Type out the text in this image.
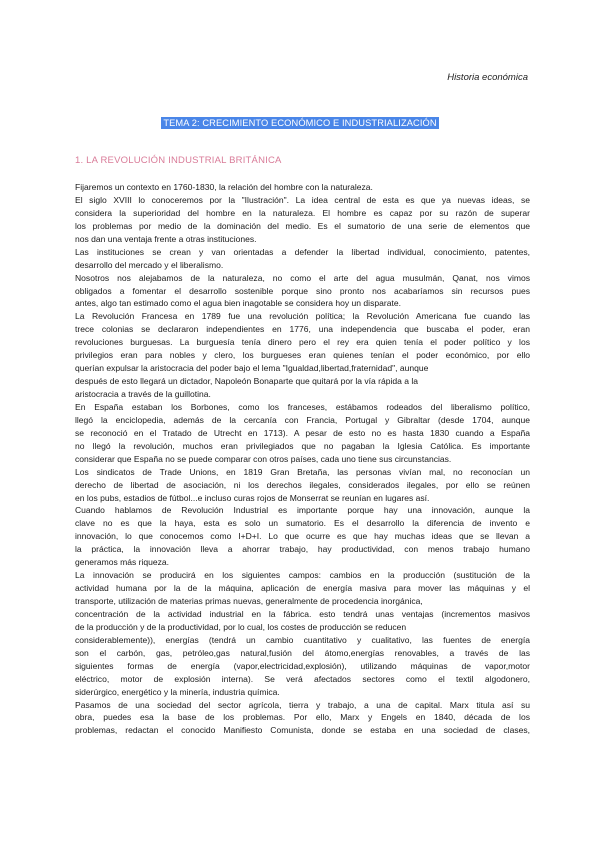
Historia económica
TEMA 2: CRECIMIENTO ECONÓMICO E INDUSTRIALIZACIÓN
1. LA REVOLUCIÓN INDUSTRIAL BRITÁNICA
Fijaremos un contexto en 1760-1830, la relación del hombre con la naturaleza.
El siglo XVIII lo conoceremos por la "Ilustración". La idea central de esta es que ya nuevas ideas, se
considera la superioridad del hombre en la naturaleza. El hombre es capaz por su razón de superar
los problemas por medio de la dominación del medio. Es el sumatorio de una serie de elementos que
nos dan una ventaja frente a otras instituciones.
Las instituciones se crean y van orientadas a defender la libertad individual, conocimiento, patentes,
desarrollo del mercado y el liberalismo.
Nosotros nos alejabamos de la naturaleza, no como el arte del agua musulmán, Qanat, nos vimos
obligados a fomentar el desarrollo sostenible porque sino pronto nos acabaríamos sin recursos pues
antes, algo tan estimado como el agua bien inagotable se considera hoy un disparate.
La Revolución Francesa en 1789 fue una revolución política; la Revolución Americana fue cuando las
trece colonias se declararon independientes en 1776, una independencia que buscaba el poder, eran
revoluciones burguesas. La burguesía tenía dinero pero el rey era quien tenía el poder político y los
privilegios eran para nobles y clero, los burgueses eran quienes tenían el poder económico, por ello
querían expulsar la aristocracia del poder bajo el lema "Igualdad,libertad,fraternidad", aunque
después de esto llegará un dictador, Napoleón Bonaparte que quitará por la vía rápida a la
aristocracia a través de la guillotina.
En España estaban los Borbones, como los franceses, estábamos rodeados del liberalismo político,
llegó la enciclopedia, además de la cercanía con Francia, Portugal y Gibraltar (desde 1704, aunque
se reconoció en el Tratado de Utrecht en 1713). A pesar de esto no es hasta 1830 cuando a España
no llegó la revolución, muchos eran privilegiados que no pagaban la Iglesia Católica. Es importante
considerar que España no se puede comparar con otros países, cada uno tiene sus circunstancias.
Los sindicatos de Trade Unions, en 1819 Gran Bretaña, las personas vivían mal, no reconocían un
derecho de libertad de asociación, ni los derechos ilegales, considerados ilegales, por ello se reúnen
en los pubs, estadios de fútbol...e incluso curas rojos de Monserrat se reunían en lugares así.
Cuando hablamos de Revolución Industrial es importante porque hay una innovación, aunque la
clave no es que la haya, esta es solo un sumatorio. Es el desarrollo la diferencia de invento e
innovación, lo que conocemos como I+D+I. Lo que ocurre es que hay muchas ideas que se llevan a
la práctica, la innovación lleva a ahorrar trabajo, hay productividad, con menos trabajo humano
generamos más riqueza.
La innovación se producirá en los siguientes campos: cambios en la producción (sustitución de la
actividad humana por la de la máquina, aplicación de energía masiva para mover las máquinas y el
transporte, utilización de materias primas nuevas, generalmente de procedencia inorgánica,
concentración de la actividad industrial en la fábrica. esto tendrá unas ventajas (incrementos masivos
de la producción y de la productividad, por lo cual, los costes de producción se reducen
considerablemente)), energías (tendrá un cambio cuantitativo y cualitativo, las fuentes de energía
son el carbón, gas, petróleo,gas natural,fusión del átomo,energías renovables, a través de las
siguientes formas de energía (vapor,electricidad,explosión), utilizando máquinas de vapor,motor
eléctrico, motor de explosión interna). Se verá afectados sectores como el textil algodonero,
siderúrgico, energético y la minería, industria química.
Pasamos de una sociedad del sector agrícola, tierra y trabajo, a una de capital. Marx titula así su
obra, puedes esa la base de los problemas. Por ello, Marx y Engels en 1840, década de los
problemas, redactan el conocido Manifiesto Comunista, donde se estaba en una sociedad de clases,
